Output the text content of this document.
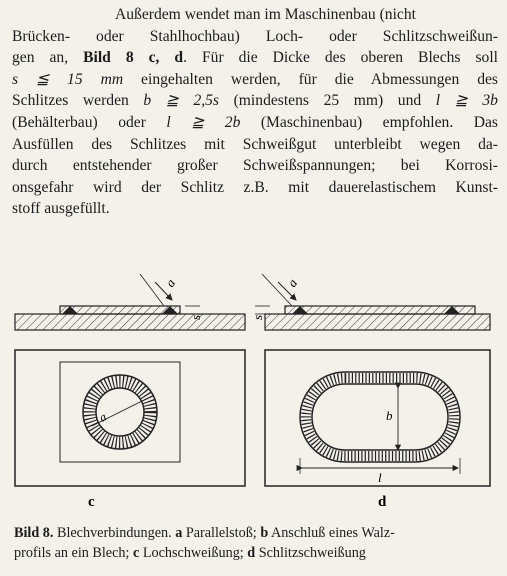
Außerdem wendet man im Maschinenbau (nicht
Brücken- oder Stahlhochbau) Loch- oder Schlitzschweißun-
gen an, Bild 8 c, d. Für die Dicke des oberen Blechs soll
s ≦ 15 mm eingehalten werden, für die Abmessungen des
Schlitzes werden b ≧ 2,5s (mindestens 25 mm) und l ≧ 3b
(Behälterbau) oder l ≧ 2b (Maschinenbau) empfohlen. Das
Ausfüllen des Schlitzes mit Schweißgut unterbleibt wegen da-
durch entstehender großer Schweißspannungen; bei Korrosi-
onsgefahr wird der Schlitz z.B. mit dauerelastischem Kunst-
stoff ausgefüllt.
a
s
a
a
s
b
l
c	d
Bild 8. Blechverbindungen. a Parallelstoß; b Anschluß eines Walz-
profils an ein Blech; c Lochschweißung; d Schlitzschweißung
